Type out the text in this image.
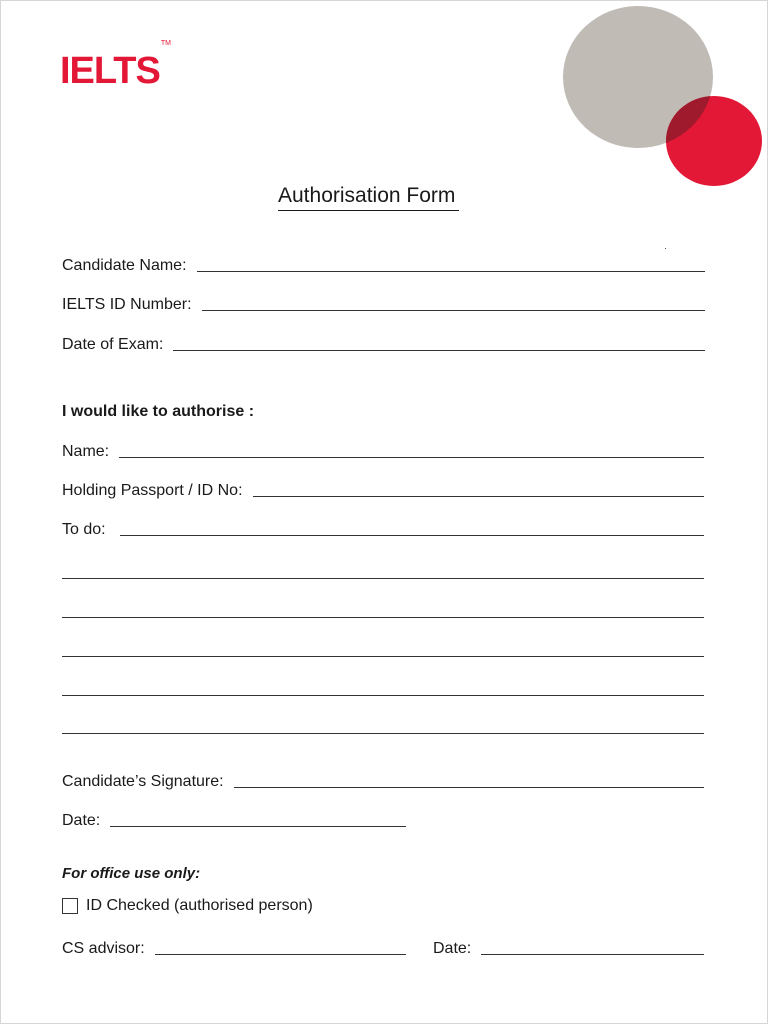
IELTS™
Authorisation Form
Candidate Name:
IELTS ID Number:
Date of Exam:
I would like to authorise :
Name:
Holding Passport / ID No:
To do:
Candidate’s Signature:
Date:
For office use only:
ID Checked (authorised person)
CS advisor:	Date:
